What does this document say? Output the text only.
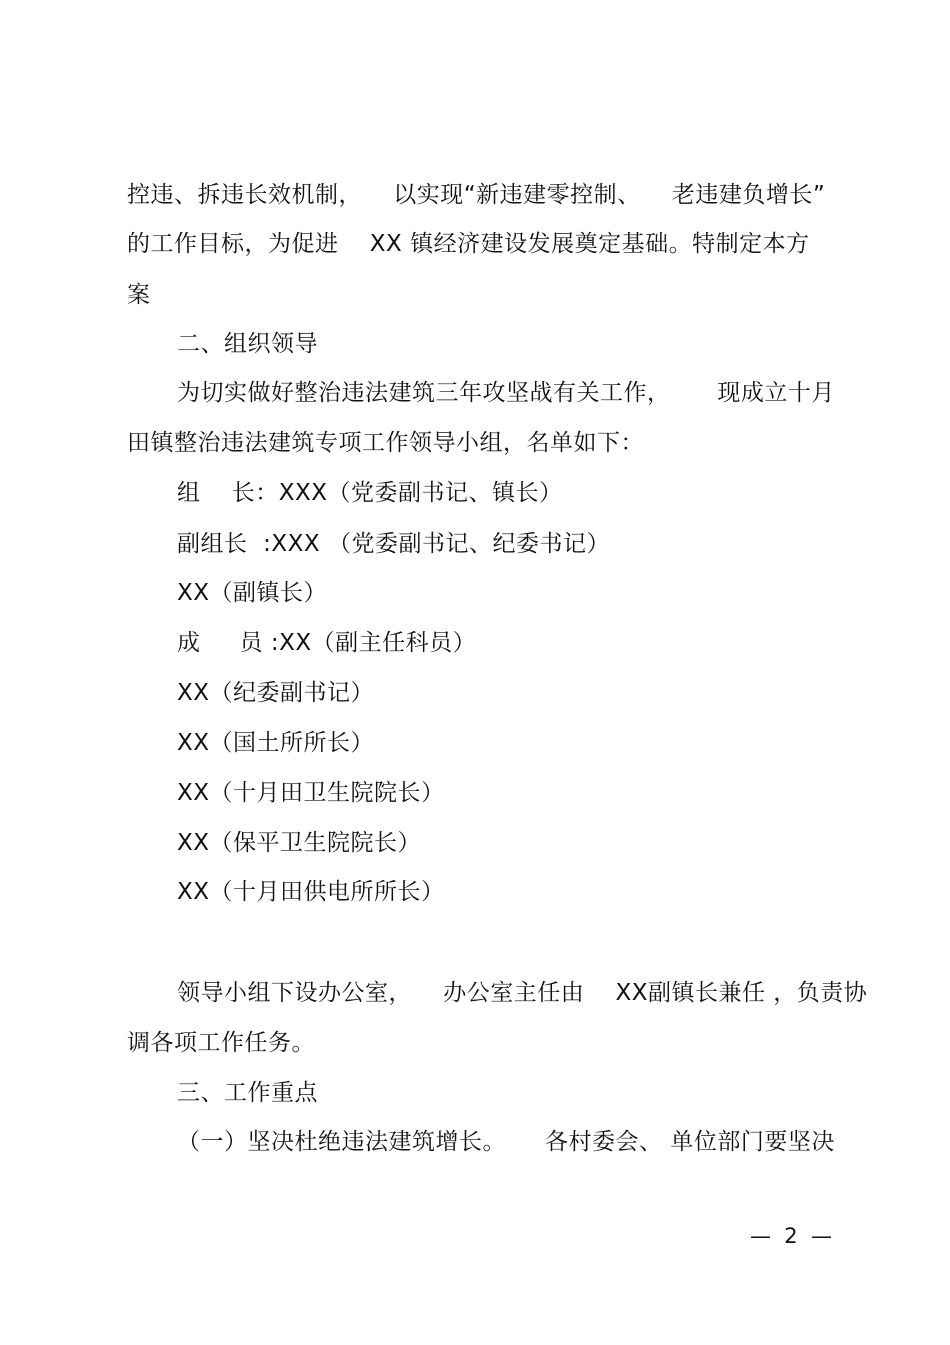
控违、拆违长效机制，    以实现“新违建零控制、    老违建负增长”
的工作目标，为促进    XX 镇经济建设发展奠定基础。特制定本方
案
二、组织领导
为切实做好整治违法建筑三年攻坚战有关工作，      现成立十月
田镇整治违法建筑专项工作领导小组，名单如下：
组    长：XXX（党委副书记、镇长）
副组长  :XXX （党委副书记、纪委书记）
XX（副镇长）
成     员 :XX（副主任科员）
XX（纪委副书记）
XX（国土所所长）
XX（十月田卫生院院长）
XX（保平卫生院院长）
XX（十月田供电所所长）
领导小组下设办公室，    办公室主任由    XX副镇长兼任 ，负责协
调各项工作任务。
三、工作重点
（一）坚决杜绝违法建筑增长。     各村委会、 单位部门要坚决
—  2  —
